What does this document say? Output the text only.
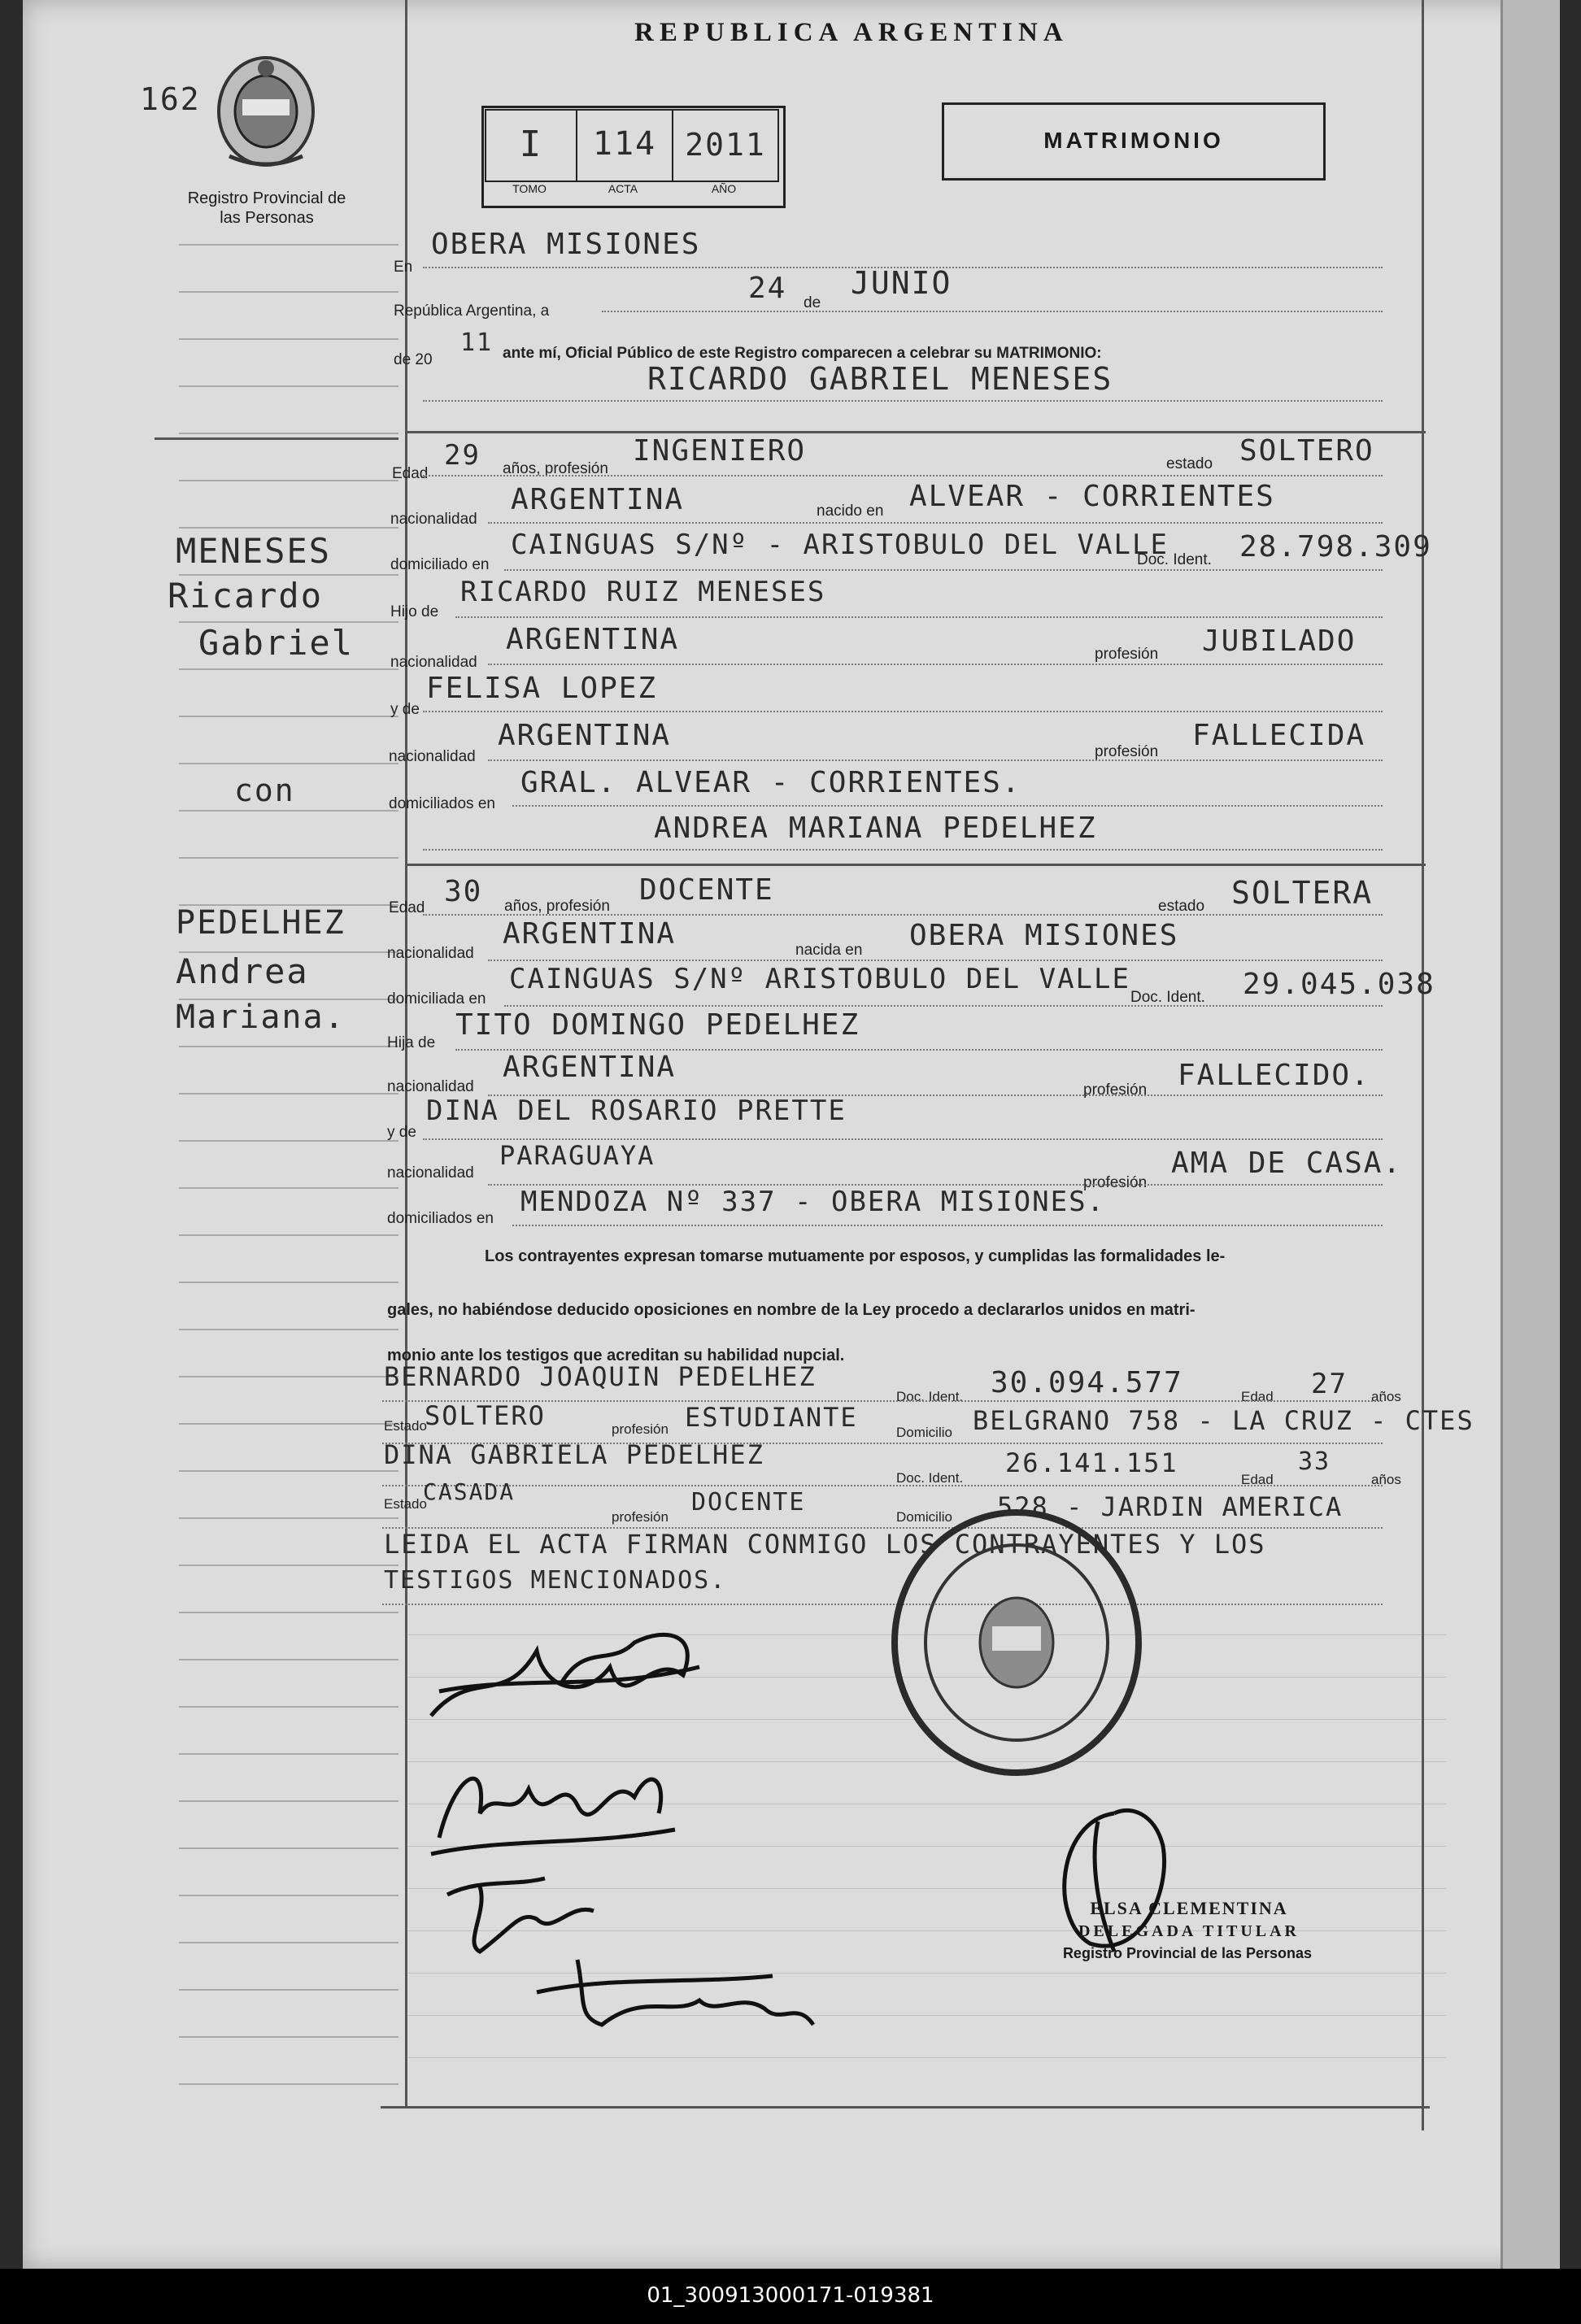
REPUBLICA ARGENTINA
162
Registro Provincial de las Personas
I	114 2011
TOMO	ACTA	AÑO
MATRIMONIO
En
OBERA MISIONES
República Argentina, a
24 de
JUNIO
de 20
11 ante mí, Oficial Público de este Registro comparecen a celebrar su MATRIMONIO:
RICARDO GABRIEL MENESES
MENESES
Ricardo
Gabriel
con
PEDELHEZ
Andrea
Mariana.
Edad
29 años, profesión
INGENIERO	estado SOLTERO
nacionalidad
ARGENTINA	nacido en ALVEAR - CORRIENTES
domiciliado en
CAINGUAS S/Nº - ARISTOBULO DEL VALLE
Doc. Ident. 28.798.309
Hijo de
RICARDO RUIZ MENESES
nacionalidad
ARGENTINA	profesión JUBILADO
y de
FELISA LOPEZ
nacionalidad
ARGENTINA	profesión FALLECIDA
domiciliados en
GRAL. ALVEAR - CORRIENTES.
ANDREA MARIANA PEDELHEZ
Edad 30 años, profesión DOCENTE	estado SOLTERA
nacionalidad
ARGENTINA	nacida en OBERA MISIONES
domiciliada en
CAINGUAS S/Nº ARISTOBULO DEL VALLE
Doc. Ident. 29.045.038
Hija de
TITO DOMINGO PEDELHEZ
nacionalidad
ARGENTINA
profesión FALLECIDO.
y de
DINA DEL ROSARIO PRETTE
nacionalidad
PARAGUAYA
profesión
AMA DE CASA.
domiciliados en
MENDOZA Nº 337 - OBERA MISIONES.
Los contrayentes expresan tomarse mutuamente por esposos, y cumplidas las formalidades le-
gales, no habiéndose deducido oposiciones en nombre de la Ley procedo a declararlos unidos en matri-
monio ante los testigos que acreditan su habilidad nupcial.
BERNARDO JOAQUIN PEDELHEZ
Doc. Ident. 30.094.577	Edad 27 años
Estado
SOLTERO	profesión ESTUDIANTE	Domicilio BELGRANO 758 - LA CRUZ - CTES
DINA GABRIELA PEDELHEZ
Doc. Ident. 26.141.151
Edad
33
años
Estado
CASADA
profesión
DOCENTE
Domicilio 528 - JARDIN AMERICA
LEIDA EL ACTA FIRMAN CONMIGO LOS CONTRAYENTES Y LOS
TESTIGOS MENCIONADOS.
ELSA CLEMENTINA
DELEGADA TITULAR
Registro Provincial de las Personas
01_300913000171-019381
